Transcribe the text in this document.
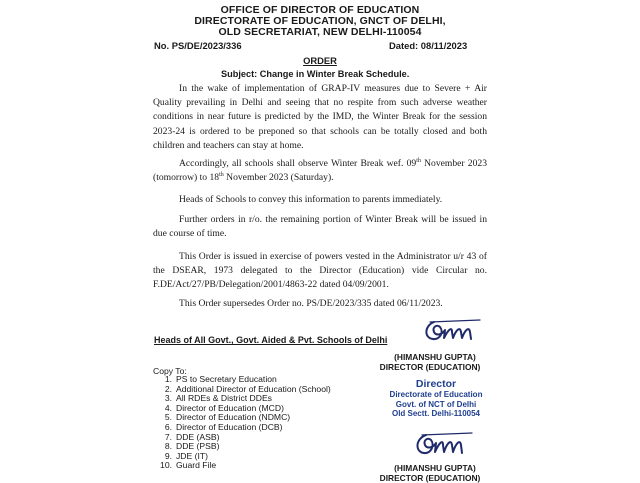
OFFICE OF DIRECTOR OF EDUCATION
DIRECTORATE OF EDUCATION, GNCT OF DELHI,
OLD SECRETARIAT, NEW DELHI-110054
No. PS/DE/2023/336	Dated: 08/11/2023
ORDER
Subject: Change in Winter Break Schedule.
In the wake of implementation of GRAP-IV measures due to Severe + Air Quality prevailing in Delhi and seeing that no respite from such adverse weather conditions in near future is predicted by the IMD, the Winter Break for the session 2023-24 is ordered to be preponed so that schools can be totally closed and both children and teachers can stay at home.
Accordingly, all schools shall observe Winter Break wef. 09th November 2023 (tomorrow) to 18th November 2023 (Saturday).
Heads of Schools to convey this information to parents immediately.
Further orders in r/o. the remaining portion of Winter Break will be issued in due course of time.
This Order is issued in exercise of powers vested in the Administrator u/r 43 of the DSEAR, 1973 delegated to the Director (Education) vide Circular no. F.DE/Act/27/PB/Delegation/2001/4863-22 dated 04/09/2001.
This Order supersedes Order no. PS/DE/2023/335 dated 06/11/2023.
Heads of All Govt., Govt. Aided & Pvt. Schools of Delhi
(HIMANSHU GUPTA)
DIRECTOR (EDUCATION)
Director
Directorate of Education
Govt. of NCT of Delhi
Old Sectt. Delhi-110054
Copy To:
1. PS to Secretary Education
2. Additional Director of Education (School)
3. All RDEs & District DDEs
4. Director of Education (MCD)
5. Director of Education (NDMC)
6. Director of Education (DCB)
7. DDE (ASB)
8. DDE (PSB)
9. JDE (IT)
10. Guard File	(HIMANSHU GUPTA)
DIRECTOR (EDUCATION)
